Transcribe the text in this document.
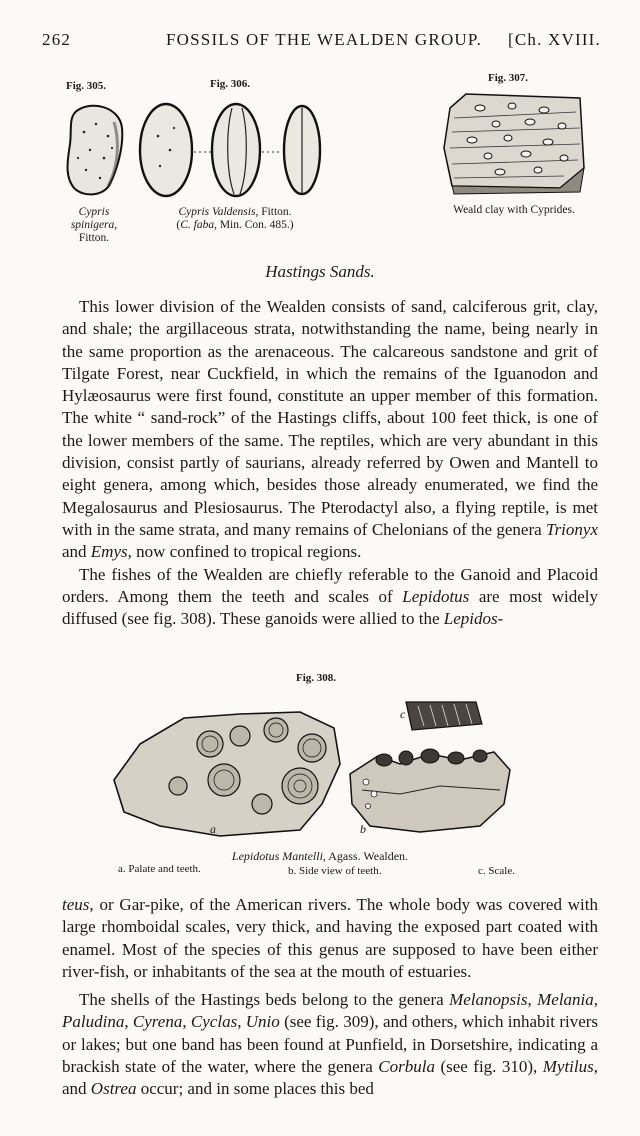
262	FOSSILS OF THE WEALDEN GROUP. [Ch. XVIII.
Fig. 305.	Fig. 306.	Fig. 307.
Cypris
spinigera,
Fitton.
Cypris Valdensis, Fitton.
(C. faba, Min. Con. 485.)
Weald clay with Cyprides.
Hastings Sands.

This lower division of the Wealden consists of sand, calciferous grit, clay, and shale; the argillaceous strata, notwithstanding the name, being nearly in the same proportion as the arenaceous. The calcareous sandstone and grit of Tilgate Forest, near Cuckfield, in which the remains of the Iguanodon and Hylæosaurus were first found, constitute an upper member of this formation. The white “ sand-rock” of the Hastings cliffs, about 100 feet thick, is one of the lower members of the same. The reptiles, which are very abundant in this division, consist partly of saurians, already referred by Owen and Mantell to eight genera, among which, besides those already enumerated, we find the Megalosaurus and Plesiosaurus. The Pterodactyl also, a flying reptile, is met with in the same strata, and many remains of Chelonians of the genera Trionyx and Emys, now confined to tropical regions.

The fishes of the Wealden are chiefly referable to the Ganoid and Placoid orders. Among them the teeth and scales of Lepidotus are most widely diffused (see fig. 308). These ganoids were allied to the Lepidos-

Fig. 308.
c
a	b
Lepidotus Mantelli, Agass. Wealden.
a. Palate and teeth.	b. Side view of teeth.	c. Scale.

teus, or Gar-pike, of the American rivers. The whole body was covered with large rhomboidal scales, very thick, and having the exposed part coated with enamel. Most of the species of this genus are supposed to have been either river-fish, or inhabitants of the sea at the mouth of estuaries.

The shells of the Hastings beds belong to the genera Melanopsis, Melania, Paludina, Cyrena, Cyclas, Unio (see fig. 309), and others, which inhabit rivers or lakes; but one band has been found at Punfield, in Dorsetshire, indicating a brackish state of the water, where the genera Corbula (see fig. 310), Mytilus, and Ostrea occur; and in some places this bed
